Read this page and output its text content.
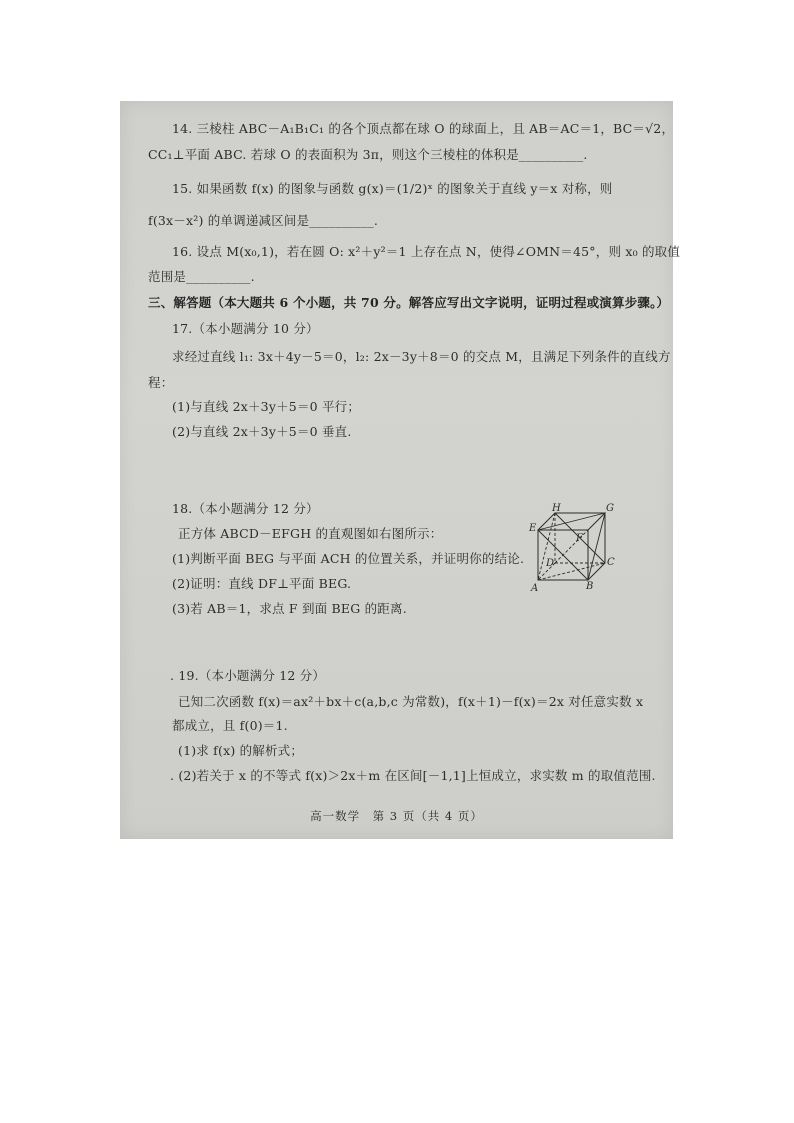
14. 三棱柱 ABC－A₁B₁C₁ 的各个顶点都在球 O 的球面上，且 AB＝AC＝1，BC＝√2，
CC₁⊥平面 ABC. 若球 O 的表面积为 3π，则这个三棱柱的体积是__________.
15. 如果函数 f(x) 的图象与函数 g(x)＝(1/2)ˣ 的图象关于直线 y＝x 对称，则
f(3x－x²) 的单调递减区间是__________.
16. 设点 M(x₀,1)，若在圆 O: x²＋y²＝1 上存在点 N，使得∠OMN＝45°，则 x₀ 的取值
范围是__________.
三、解答题（本大题共 6 个小题，共 70 分。解答应写出文字说明，证明过程或演算步骤。）
17.（本小题满分 10 分）
求经过直线 l₁: 3x＋4y－5＝0，l₂: 2x－3y＋8＝0 的交点 M，且满足下列条件的直线方
程：
(1)与直线 2x＋3y＋5＝0 平行；
(2)与直线 2x＋3y＋5＝0 垂直.
18.（本小题满分 12 分）
正方体 ABCD－EFGH 的直观图如右图所示：
(1)判断平面 BEG 与平面 ACH 的位置关系，并证明你的结论.
(2)证明：直线 DF⊥平面 BEG.
(3)若 AB＝1，求点 F 到面 BEG 的距离.
. 19.（本小题满分 12 分）
已知二次函数 f(x)＝ax²＋bx＋c(a,b,c 为常数)，f(x＋1)－f(x)＝2x 对任意实数 x
都成立，且 f(0)＝1.
(1)求 f(x) 的解析式；
. (2)若关于 x 的不等式 f(x)＞2x＋m 在区间[－1,1]上恒成立，求实数 m 的取值范围.
高一数学　第 3 页（共 4 页）
H	G
E
F
D	C
A	B
